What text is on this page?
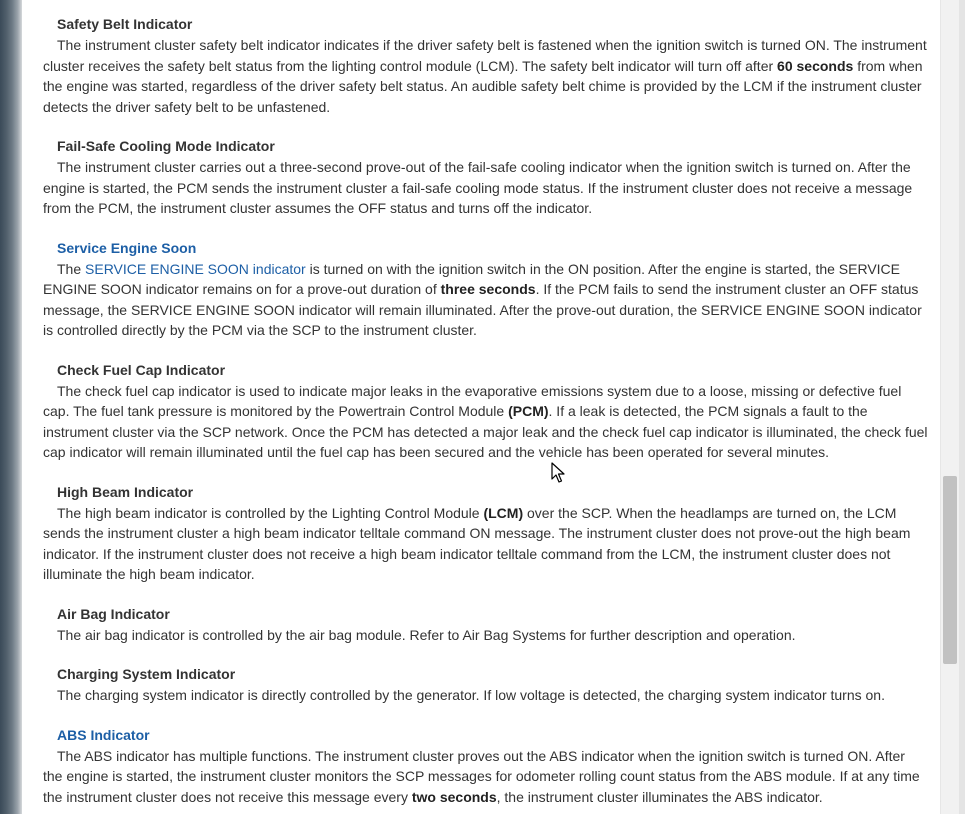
Safety Belt Indicator
The instrument cluster safety belt indicator indicates if the driver safety belt is fastened when the ignition switch is turned ON. The instrument cluster receives the safety belt status from the lighting control module (LCM). The safety belt indicator will turn off after 60 seconds from when the engine was started, regardless of the driver safety belt status. An audible safety belt chime is provided by the LCM if the instrument cluster detects the driver safety belt to be unfastened.
Fail-Safe Cooling Mode Indicator
The instrument cluster carries out a three-second prove-out of the fail-safe cooling indicator when the ignition switch is turned on. After the engine is started, the PCM sends the instrument cluster a fail-safe cooling mode status. If the instrument cluster does not receive a message from the PCM, the instrument cluster assumes the OFF status and turns off the indicator.
Service Engine Soon
The SERVICE ENGINE SOON indicator is turned on with the ignition switch in the ON position. After the engine is started, the SERVICE ENGINE SOON indicator remains on for a prove-out duration of three seconds. If the PCM fails to send the instrument cluster an OFF status message, the SERVICE ENGINE SOON indicator will remain illuminated. After the prove-out duration, the SERVICE ENGINE SOON indicator is controlled directly by the PCM via the SCP to the instrument cluster.
Check Fuel Cap Indicator
The check fuel cap indicator is used to indicate major leaks in the evaporative emissions system due to a loose, missing or defective fuel cap. The fuel tank pressure is monitored by the Powertrain Control Module (PCM). If a leak is detected, the PCM signals a fault to the instrument cluster via the SCP network. Once the PCM has detected a major leak and the check fuel cap indicator is illuminated, the check fuel cap indicator will remain illuminated until the fuel cap has been secured and the vehicle has been operated for several minutes.
High Beam Indicator
The high beam indicator is controlled by the Lighting Control Module (LCM) over the SCP. When the headlamps are turned on, the LCM sends the instrument cluster a high beam indicator telltale command ON message. The instrument cluster does not prove-out the high beam indicator. If the instrument cluster does not receive a high beam indicator telltale command from the LCM, the instrument cluster does not illuminate the high beam indicator.
Air Bag Indicator
The air bag indicator is controlled by the air bag module. Refer to Air Bag Systems for further description and operation.
Charging System Indicator
The charging system indicator is directly controlled by the generator. If low voltage is detected, the charging system indicator turns on.
ABS Indicator
The ABS indicator has multiple functions. The instrument cluster proves out the ABS indicator when the ignition switch is turned ON. After the engine is started, the instrument cluster monitors the SCP messages for odometer rolling count status from the ABS module. If at any time the instrument cluster does not receive this message every two seconds, the instrument cluster illuminates the ABS indicator.
